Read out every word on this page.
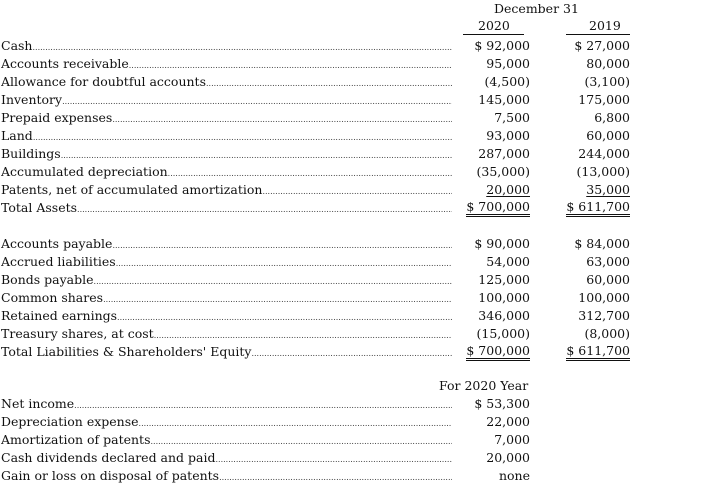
December 31
2020	2019
Cash .....	$ 92,000	$ 27,000
Accounts receivable .....	95,000	80,000
Allowance for doubtful accounts .....	(4,500)	(3,100)
Inventory .....	145,000	175,000
Prepaid expenses .....	7,500	6,800
Land .....	93,000	60,000
Buildings .....	287,000	244,000
Accumulated depreciation .....	(35,000)	(13,000)
Patents, net of accumulated amortization .....	20,000	35,000
Total Assets .....	$ 700,000	$ 611,700
Accounts payable .....	$ 90,000	$ 84,000
Accrued liabilities .....	54,000	63,000
Bonds payable .....	125,000	60,000
Common shares .....	100,000	100,000
Retained earnings .....	346,000	312,700
Treasury shares, at cost .....	(15,000)	(8,000)
Total Liabilities & Shareholders' Equity .....	$ 700,000	$ 611,700
For 2020 Year
Net income .....	$ 53,300
Depreciation expense .....	22,000
Amortization of patents .....	7,000
Cash dividends declared and paid .....	20,000
Gain or loss on disposal of patents .....	none
